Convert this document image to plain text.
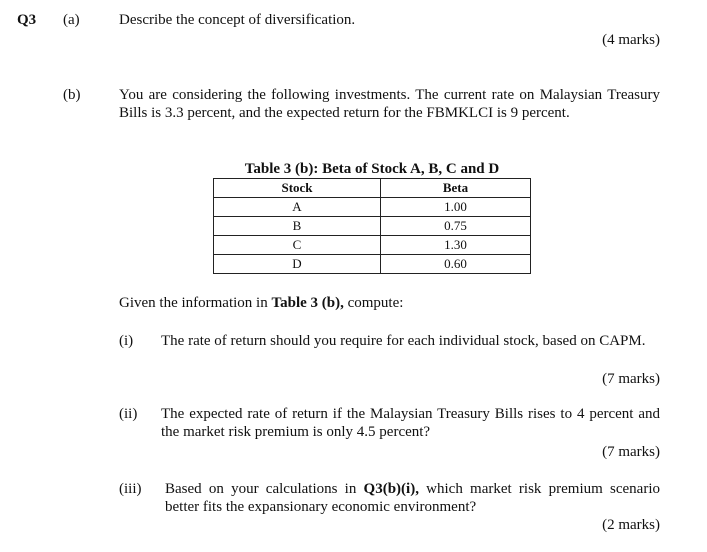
Q3 (a)	Describe the concept of diversification.
(4 marks)
(b)	You are considering the following investments. The current rate on Malaysian Treasury Bills is 3.3 percent, and the expected return for the FBMKLCI is 9 percent.
Table 3 (b): Beta of Stock A, B, C and D
Stock	Beta
A	1.00
B	0.75
C	1.30
D	0.60
Given the information in Table 3 (b), compute:
(i) The rate of return should you require for each individual stock, based on CAPM.
(7 marks)
(ii) The expected rate of return if the Malaysian Treasury Bills rises to 4 percent and the market risk premium is only 4.5 percent?
(7 marks)
(iii) Based on your calculations in Q3(b)(i), which market risk premium scenario better fits the expansionary economic environment?
(2 marks)
